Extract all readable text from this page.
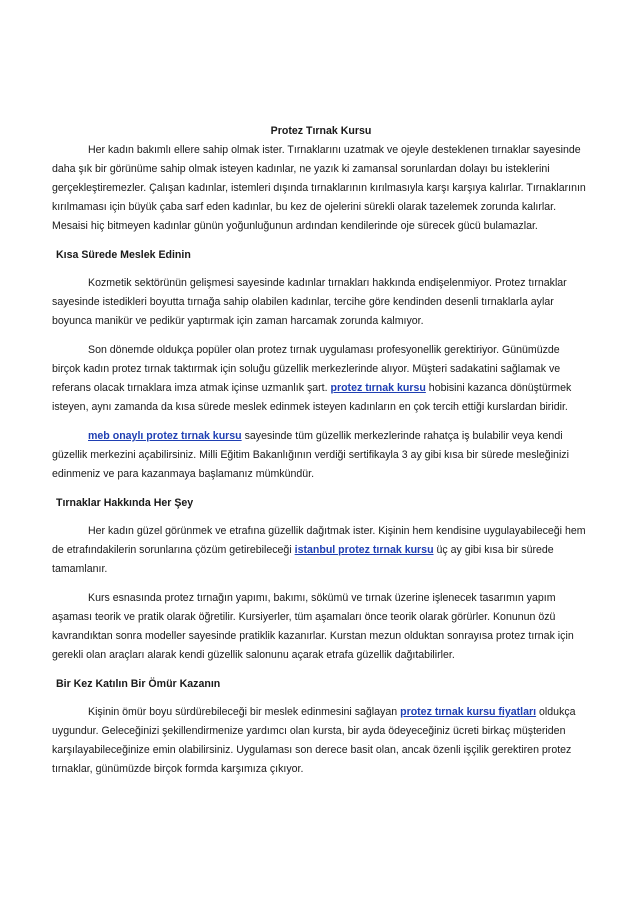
Protez Tırnak Kursu

Her kadın bakımlı ellere sahip olmak ister. Tırnaklarını uzatmak ve ojeyle desteklenen tırnaklar sayesinde daha şık bir görünüme sahip olmak isteyen kadınlar, ne yazık ki zamansal sorunlardan dolayı bu isteklerini gerçekleştiremezler. Çalışan kadınlar, istemleri dışında tırnaklarının kırılmasıyla karşı karşıya kalırlar. Tırnaklarının kırılmaması için büyük çaba sarf eden kadınlar, bu kez de ojelerini sürekli olarak tazelemek zorunda kalırlar. Mesaisi hiç bitmeyen kadınlar günün yoğunluğunun ardından kendilerinde oje sürecek gücü bulamazlar.

Kısa Sürede Meslek Edinin

Kozmetik sektörünün gelişmesi sayesinde kadınlar tırnakları hakkında endişelenmiyor. Protez tırnaklar sayesinde istedikleri boyutta tırnağa sahip olabilen kadınlar, tercihe göre kendinden desenli tırnaklarla aylar boyunca manikür ve pedikür yaptırmak için zaman harcamak zorunda kalmıyor.

Son dönemde oldukça popüler olan protez tırnak uygulaması profesyonellik gerektiriyor. Günümüzde birçok kadın protez tırnak taktırmak için soluğu güzellik merkezlerinde alıyor. Müşteri sadakatini sağlamak ve referans olacak tırnaklara imza atmak içinse uzmanlık şart. protez tırnak kursu hobisini kazanca dönüştürmek isteyen, aynı zamanda da kısa sürede meslek edinmek isteyen kadınların en çok tercih ettiği kurslardan biridir.

meb onaylı protez tırnak kursu sayesinde tüm güzellik merkezlerinde rahatça iş bulabilir veya kendi güzellik merkezini açabilirsiniz. Milli Eğitim Bakanlığının verdiği sertifikayla 3 ay gibi kısa bir sürede mesleğinizi edinmeniz ve para kazanmaya başlamanız mümkündür.

Tırnaklar Hakkında Her Şey

Her kadın güzel görünmek ve etrafına güzellik dağıtmak ister. Kişinin hem kendisine uygulayabileceği hem de etrafındakilerin sorunlarına çözüm getirebileceği istanbul protez tırnak kursu üç ay gibi kısa bir sürede tamamlanır.

Kurs esnasında protez tırnağın yapımı, bakımı, sökümü ve tırnak üzerine işlenecek tasarımın yapım aşaması teorik ve pratik olarak öğretilir. Kursiyerler, tüm aşamaları önce teorik olarak görürler. Konunun özü kavrandıktan sonra modeller sayesinde pratiklik kazanırlar. Kurstan mezun olduktan sonrayısa protez tırnak için gerekli olan araçları alarak kendi güzellik salonunu açarak etrafa güzellik dağıtabilirler.

Bir Kez Katılın Bir Ömür Kazanın

Kişinin ömür boyu sürdürebileceği bir meslek edinmesini sağlayan protez tırnak kursu fiyatları oldukça uygundur. Geleceğinizi şekillendirmenize yardımcı olan kursta, bir ayda ödeyeceğiniz ücreti birkaç müşteriden karşılayabileceğinize emin olabilirsiniz. Uygulaması son derece basit olan, ancak özenli işçilik gerektiren protez tırnaklar, günümüzde birçok formda karşımıza çıkıyor.
